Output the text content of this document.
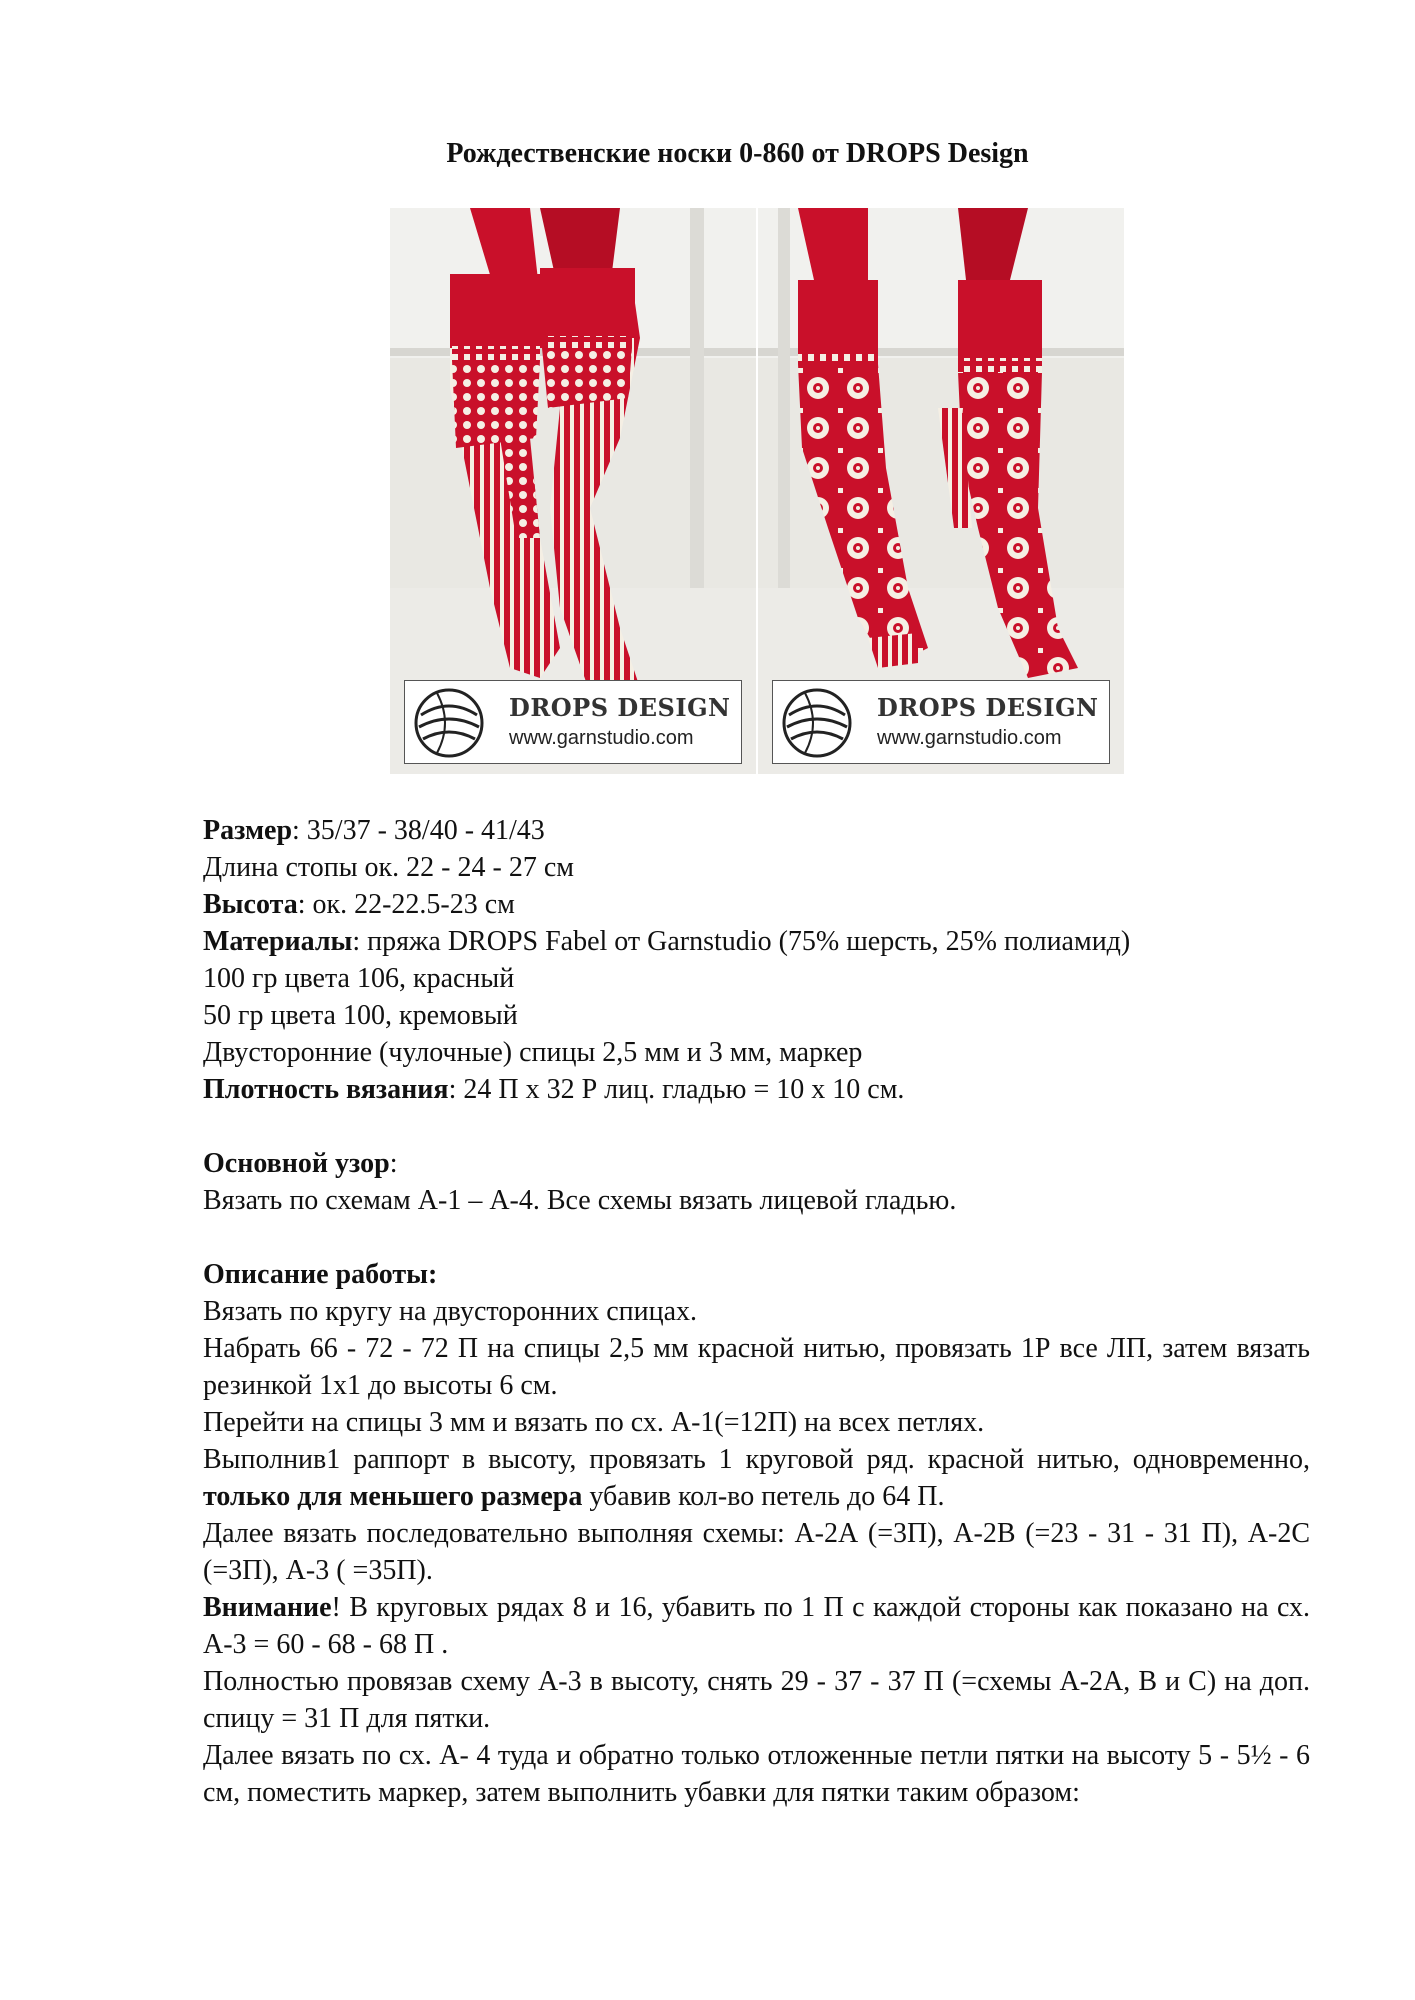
Рождественские носки 0-860 от DROPS Design
DROPS DESIGN
www.garnstudio.com
DROPS DESIGN
www.garnstudio.com

Размер: 35/37 - 38/40 - 41/43

Длина стопы ок. 22 - 24 - 27 см

Высота: ок. 22-22.5-23 см

Материалы: пряжа DROPS Fabel от Garnstudio (75% шерсть, 25% полиамид)

100 гр цвета 106, красный

50 гр цвета 100, кремовый

Двусторонние (чулочные) спицы 2,5 мм и 3 мм, маркер

Плотность вязания: 24 П х 32 Р лиц. гладью = 10 х 10 см.

Основной узор:

Вязать по схемам А-1 – А-4. Все схемы вязать лицевой гладью.

Описание работы:

Вязать по кругу на двусторонних спицах.

Набрать 66 - 72 - 72 П на спицы 2,5 мм красной нитью, провязать 1Р все ЛП, затем вязать резинкой 1х1 до высоты 6 см.

Перейти на спицы 3 мм и вязать по сх. А-1(=12П) на всех петлях.

Выполнив1 раппорт в высоту, провязать 1 круговой ряд. красной нитью, одновременно, только для меньшего размера убавив кол-во петель до 64 П.

Далее вязать последовательно выполняя схемы: А-2А (=3П), А-2В (=23 - 31 - 31 П), А-2С (=3П), А-3 ( =35П).

Внимание! В круговых рядах 8 и 16, убавить по 1 П с каждой стороны как показано на сх. А-3 = 60 - 68 - 68 П .

Полностью провязав схему А-3 в высоту, снять 29 - 37 - 37 П (=схемы А-2А, В и С) на доп. спицу = 31 П для пятки.

Далее вязать по сх. А- 4 туда и обратно только отложенные петли пятки на высоту 5 - 5½ - 6 см, поместить маркер, затем выполнить убавки для пятки таким образом:
